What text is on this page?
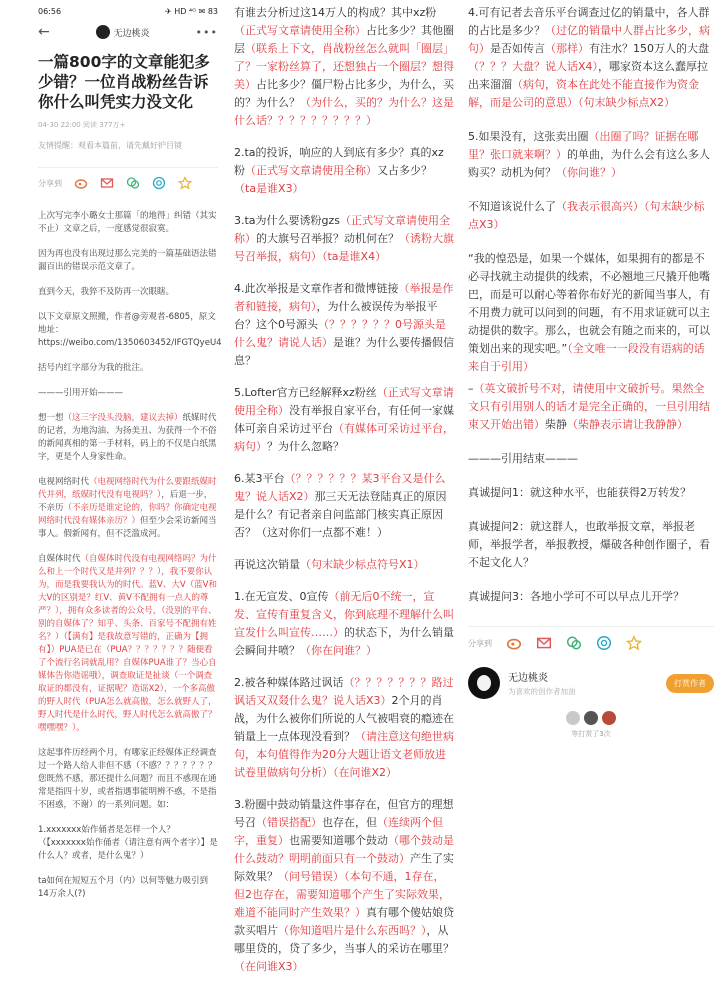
06:56	✈ HD ⁴ᴳ ✉ 83
←	无边桃炎	•••
一篇800字的文章能犯多少错？一位肖战粉丝告诉你什么叫凭实力没文化
04-30 22:00 阅读 377万+
友情提醒：观看本篇前，请先戴好护目镜
分享到

上次写完李小璐女士那篇「的地得」纠错（其实不止）文章之后，一度感觉很寂寞。

因为再也没有出现过那么完美的一篇基础语法错漏百出的错误示范文章了。

直到今天，我猝不及防再一次眼瞎。

以下文章原文照搬，作者@旁观者-6805，原文地址：https://weibo.com/1350603452/IFGTQyeU4

括号内红字部分为我的批注。

———引用开始———

想一想（这三字没头没脑，建议去掉）纸媒时代的记者，为地沟油、为扬美丑、为获得一个不俗的新闻真相的第一手材料，码上的不仅是白纸黑字，更是个人身家性命。

电视网络时代（电视网络时代为什么要跟纸媒时代并列，纸媒时代没有电视吗？），后退一步，不亲历（不亲历是谁定论的，你吗？你确定电视网络时代没有媒体亲历？）但至少会采访新闻当事人。假新闻有，但不泛滥成河。

自媒体时代（自媒体时代没有电视网络吗？为什么和上一个时代又是并列？？？），我不要你认为，而是我要我认为的时代。蓝V、大V（蓝V和大V的区别是？红V、黄V不配拥有一点人的尊严？），拥有众多读者的公众号，（没别的平台、别的自媒体了？知乎、头条、百家号不配拥有姓名？）（【满有】是我故意写错的，正确为【拥有】）PUA是已在（PUA？？？？？？？随便看了个流行名词就乱用？自媒体PUA谁了？当心自媒体告你造谣哦），调查取证是扯谈（一个调查取证的都没有，证据呢？造谣X2），一个多高傲的野人时代（PUA怎么就高傲，怎么就野人了，野人时代是什么时代，野人时代怎么就高傲了？嘿嘿嘿？）。

这起事件历经两个月，有哪家正经媒体正经调查过一个路人给人非但不感（不感？？？？？？？您既然不感，那还提什么问题？而且不惑现在通常是指四十岁，或者指遇事能明辨不惑，不是指不困惑，不谢）的一系列问题。如：

1.xxxxxxx始作俑者是怎样一个人？（【xxxxxxx始作俑者（请注意有两个者字）】是什么人？或者，是什么鬼？）

ta如何在短短五个月（内）以何等魅力吸引到14万余人(?)

有谁去分析过这14万人的构成？其中xz粉（正式写文章请使用全称）占比多少？其他圈层（联系上下文，肖战粉丝怎么就叫「圈层」了？一家粉丝算了，还想独占一个圈层？想得美）占比多少？僵尸粉占比多少，为什么，买的？为什么？（为什么，买的？为什么？这是什么话？？？？？？？？？）

2.ta的投诉，响应的人到底有多少？真的xz粉（正式写文章请使用全称）又占多少？（ta是谁X3）

3.ta为什么要诱粉gzs（正式写文章请使用全称）的大旗号召举报？动机何在？（诱粉大旗号召举报，病句）（ta是谁X4）

4.此次举报是文章作者和微博链接（举报是作者和链接，病句），为什么被误传为举报平台？这个0号源头（？？？？？？0号源头是什么鬼？请说人话）是谁？为什么要传播假信息？

5.Lofter官方已经解释xz粉丝（正式写文章请使用全称）没有举报自家平台，有任何一家媒体可亲自采访过平台（有媒体可采访过平台，病句）？为什么忽略？

6.某3平台（？？？？？？某3平台又是什么鬼？说人话X2）那三天无法登陆真正的原因是什么？有记者亲自问监部门核实真正原因否？（这对你们一点都不难！）

再说这次销量（句末缺少标点符号X1）

1.在无宣发、0宣传（前无后0不统一，宣发、宣传有重复含义，你到底理不理解什么叫宣发什么叫宣传……）的状态下，为什么销量会瞬间井喷？（你在问谁？）

2.被各种媒体路过讽话（？？？？？？？路过讽话又双叕什么鬼？说人话X3）2个月的肖战，为什么被你们所说的人气被唱衰的瘾迹在销量上一点体现没看到？（请注意这句绝世病句，本句值得作为20分大题让语文老师放进试卷里做病句分析）（在问谁X2）

3.粉圈中鼓动销量这件事存在，但官方的理想号召（错误搭配）也存在，但（连续两个但字，重复）也需要知道哪个鼓动（哪个鼓动是什么鼓动？明明前面只有一个鼓动）产生了实际效果？（问号错误）（本句不通，1存在，但2也存在，需要知道哪个产生了实际效果，难道不能同时产生效果？）真有哪个傻姑娘贷款买唱片（你知道唱片是什么东西吗？），从哪里贷的，贷了多少，当事人的采访在哪里？（在问谁X3）

4.可有记者去音乐平台调查过亿的销量中，各人群的占比是多少？（过亿的销量中人群占比多少，病句）是否如传言（那样）有注水？150万人的大盘（？？？大盘？说人话X4），哪家资本这么蠢厚拉出来溜溜（病句，资本在此处不能直接作为资金解，而是公司的意思）（句末缺少标点X2）

5.如果没有，这张卖出圈（出圈了吗？证据在哪里？张口就来啊？）的单曲，为什么会有这么多人购买？动机为何？（你问谁？）

不知道该说什么了（我表示很高兴）（句末缺少标点X3）

“我的惶恐是，如果一个媒体，如果拥有的都是不必寻找就主动提供的线索，不必翘地三尺撬开他嘴巴，而是可以耐心等着你布好光的新闻当事人，有不用费力就可以问到的问题，有不用求证就可以主动提供的数字。那么，也就会有随之而来的，可以策划出来的现实吧。”（全文唯一一段没有语病的话来自于引用）

–（英文破折号不对，请使用中文破折号。果然全文只有引用别人的话才是完全正确的，一旦引用结束又开始出错）柴静（柴静表示请让我静静）

———引用结束———

真诚提问1：就这种水平，也能获得2万转发？

真诚提问2：就这群人，也敢举报文章，举报老师，举报学者，举报教授，爆破各种创作圈子，看不起文化人？

真诚提问3：各地小学可不可以早点儿开学？

分享到
无边桃炎
为喜欢的创作者加油
打赏作者
等打赏了3次
